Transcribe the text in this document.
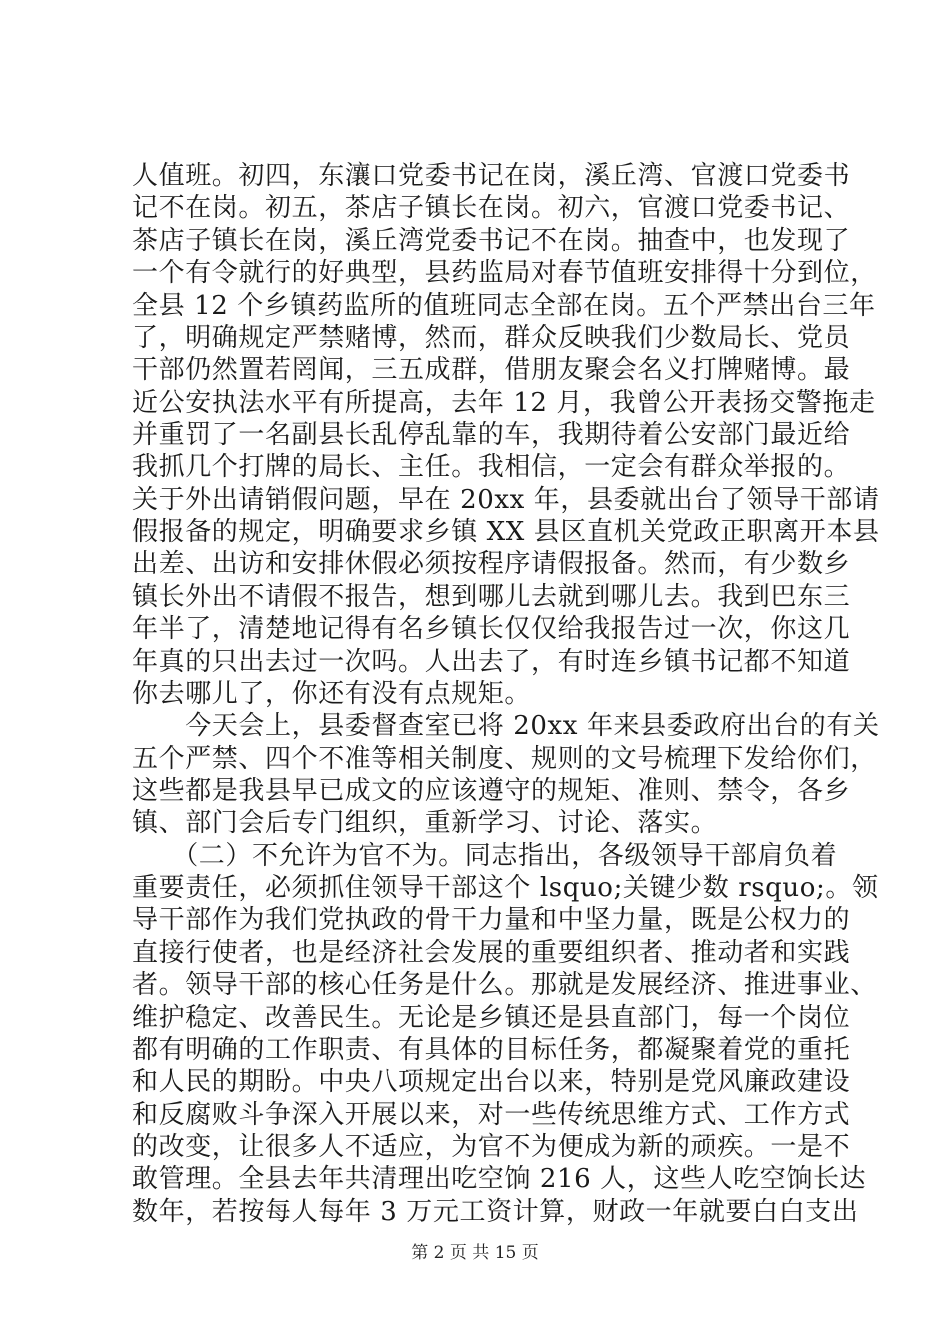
人值班。初四，东瀼口党委书记在岗，溪丘湾、官渡口党委书
记不在岗。初五，茶店子镇长在岗。初六，官渡口党委书记、
茶店子镇长在岗，溪丘湾党委书记不在岗。抽查中，也发现了
一个有令就行的好典型，县药监局对春节值班安排得十分到位，
全县 12 个乡镇药监所的值班同志全部在岗。五个严禁出台三年
了，明确规定严禁赌博，然而，群众反映我们少数局长、党员
干部仍然置若罔闻，三五成群，借朋友聚会名义打牌赌博。最
近公安执法水平有所提高，去年 12 月，我曾公开表扬交警拖走
并重罚了一名副县长乱停乱靠的车，我期待着公安部门最近给
我抓几个打牌的局长、主任。我相信，一定会有群众举报的。
关于外出请销假问题，早在 20xx 年，县委就出台了领导干部请
假报备的规定，明确要求乡镇 XX 县区直机关党政正职离开本县
出差、出访和安排休假必须按程序请假报备。然而，有少数乡
镇长外出不请假不报告，想到哪儿去就到哪儿去。我到巴东三
年半了，清楚地记得有名乡镇长仅仅给我报告过一次，你这几
年真的只出去过一次吗。人出去了，有时连乡镇书记都不知道
你去哪儿了，你还有没有点规矩。
　　今天会上，县委督查室已将 20xx 年来县委政府出台的有关
五个严禁、四个不准等相关制度、规则的文号梳理下发给你们，
这些都是我县早已成文的应该遵守的规矩、准则、禁令，各乡
镇、部门会后专门组织，重新学习、讨论、落实。
　　（二）不允许为官不为。同志指出，各级领导干部肩负着
重要责任，必须抓住领导干部这个 lsquo;关键少数 rsquo;。领
导干部作为我们党执政的骨干力量和中坚力量，既是公权力的
直接行使者，也是经济社会发展的重要组织者、推动者和实践
者。领导干部的核心任务是什么。那就是发展经济、推进事业、
维护稳定、改善民生。无论是乡镇还是县直部门，每一个岗位
都有明确的工作职责、有具体的目标任务，都凝聚着党的重托
和人民的期盼。中央八项规定出台以来，特别是党风廉政建设
和反腐败斗争深入开展以来，对一些传统思维方式、工作方式
的改变，让很多人不适应，为官不为便成为新的顽疾。一是不
敢管理。全县去年共清理出吃空饷 216 人，这些人吃空饷长达
数年，若按每人每年 3 万元工资计算，财政一年就要白白支出
第 2 页 共 15 页
